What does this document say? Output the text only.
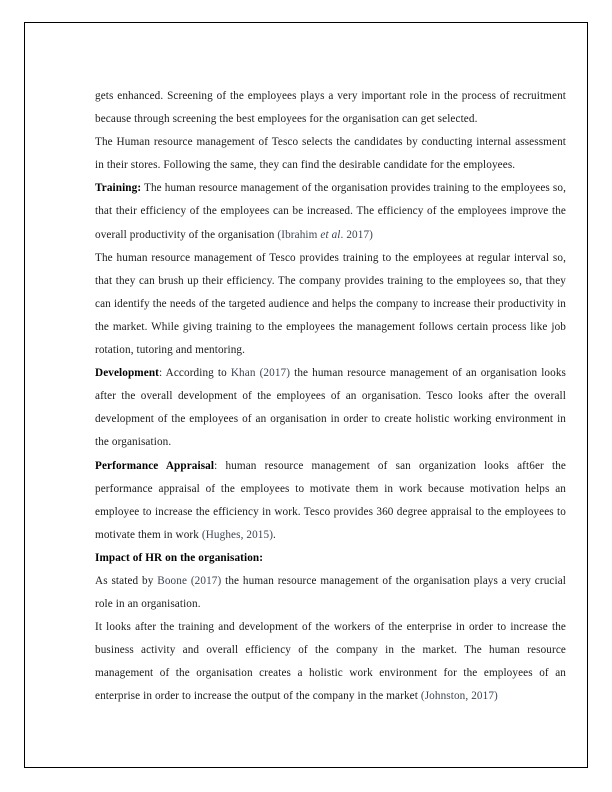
gets enhanced. Screening of the employees plays a very important role in the process of recruitment because through screening the best employees for the organisation can get selected.

The Human resource management of Tesco selects the candidates by conducting internal assessment in their stores. Following the same, they can find the desirable candidate for the employees.

Training: The human resource management of the organisation provides training to the employees so, that their efficiency of the employees can be increased. The efficiency of the employees improve the overall productivity of the organisation (Ibrahim et al. 2017)

The human resource management of Tesco provides training to the employees at regular interval so, that they can brush up their efficiency. The company provides training to the employees so, that they can identify the needs of the targeted audience and helps the company to increase their productivity in the market. While giving training to the employees the management follows certain process like job rotation, tutoring and mentoring.

Development: According to Khan (2017) the human resource management of an organisation looks after the overall development of the employees of an organisation. Tesco looks after the overall development of the employees of an organisation in order to create holistic working environment in the organisation.

Performance Appraisal: human resource management of san organization looks aft6er the performance appraisal of the employees to motivate them in work because motivation helps an employee to increase the efficiency in work. Tesco provides 360 degree appraisal to the employees to motivate them in work (Hughes, 2015).

Impact of HR on the organisation:

As stated by Boone (2017) the human resource management of the organisation plays a very crucial role in an organisation.

It looks after the training and development of the workers of the enterprise in order to increase the business activity and overall efficiency of the company in the market. The human resource management of the organisation creates a holistic work environment for the employees of an enterprise in order to increase the output of the company in the market (Johnston, 2017)
